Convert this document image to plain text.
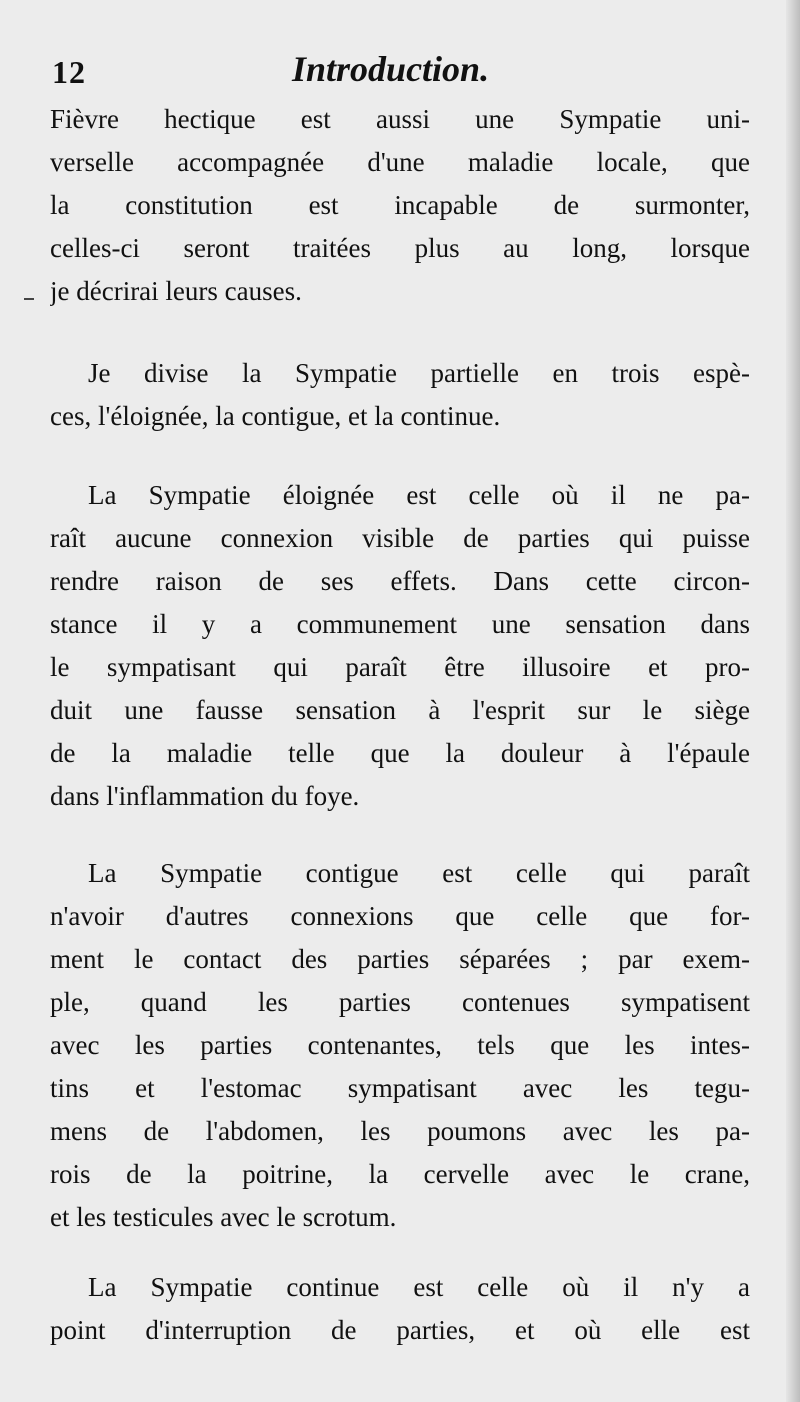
12	Introduction.
Fièvre hectique est aussi une Sympatie uni-
verselle accompagnée d'une maladie locale, que
la constitution est incapable de surmonter,
celles-ci seront traitées plus au long, lorsque
je décrirai leurs causes.
Je divise la Sympatie partielle en trois espè-
ces, l'éloignée, la contigue, et la continue.
La Sympatie éloignée est celle où il ne pa-
raît aucune connexion visible de parties qui puisse
rendre raison de ses effets. Dans cette circon-
stance il y a communement une sensation dans
le sympatisant qui paraît être illusoire et pro-
duit une fausse sensation à l'esprit sur le siège
de la maladie telle que la douleur à l'épaule
dans l'inflammation du foye.
La Sympatie contigue est celle qui paraît
n'avoir d'autres connexions que celle que for-
ment le contact des parties séparées ; par exem-
ple, quand les parties contenues sympatisent
avec les parties contenantes, tels que les intes-
tins et l'estomac sympatisant avec les tegu-
mens de l'abdomen, les poumons avec les pa-
rois de la poitrine, la cervelle avec le crane,
et les testicules avec le scrotum.
La Sympatie continue est celle où il n'y a
point d'interruption de parties, et où elle est
